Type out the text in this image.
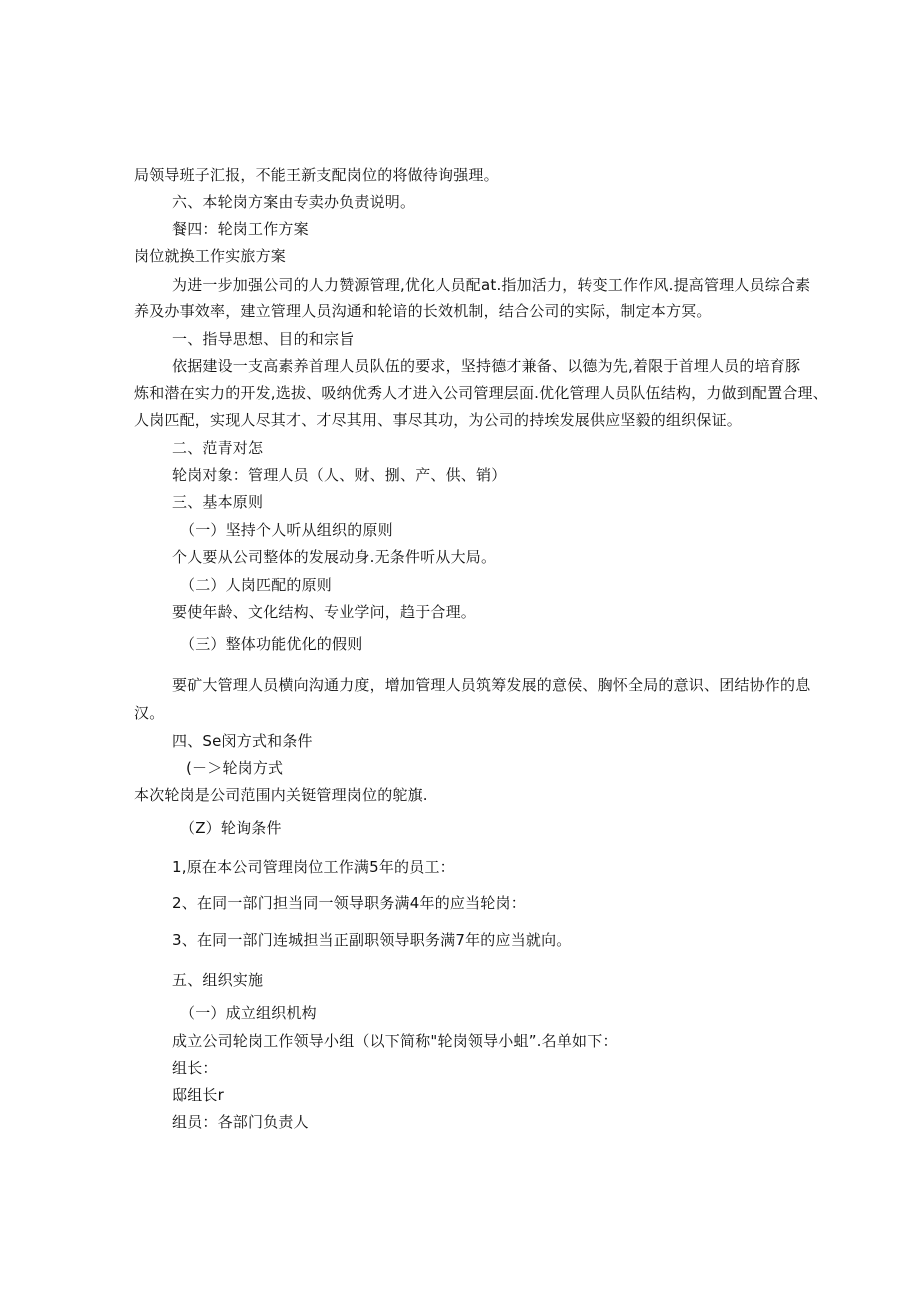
局领导班子汇报，不能王新支配岗位的将做待询强理。

六、本轮岗方案由专卖办负责说明。

餐四：轮岗工作方案

岗位就换工作实旅方案

为进一步加强公司的人力赞源管理,优化人员配at.指加活力，转变工作作风.提高管理人员综合素

养及办事效率，建立管理人员沟通和轮谙的长效机制，结合公司的实际，制定本方冥。

一、指导思想、目的和宗旨

依据建设一支高素养首理人员队伍的要求，坚持德才兼备、以德为先,着限于首埋人员的培育豚

炼和潜在实力的开发,选拔、吸纳优秀人才进入公司管理层面.优化管理人员队伍结构，力做到配置合理、

人岗匹配，实现人尽其才、才尽其用、事尽其功，为公司的持埃发展供应坚毅的组织保证。

二、范青对怎

轮岗对象：管理人员（人、财、捌、产、供、销）

三、基本原则

（一）坚持个人听从组织的原则

个人要从公司整体的发展动身.无条件听从大局。

（二）人岗匹配的原则

要使年龄、文化结构、专业学问，趋于合理。

（三）整体功能优化的假则

要矿大管理人员横向沟通力度，增加管理人员筑筹发展的意侯、胸怀全局的意识、团结协作的息

汉。

四、Se闵方式和条件

(－＞轮岗方式

本次轮岗是公司范围内关铤管理岗位的鸵旗.

（Z）轮询条件

1,原在本公司管理岗位工作满5年的员工：

2、在同一部门担当同一领导职务满4年的应当轮岗：

3、在同一部门连城担当正副职领导职务满7年的应当就向。

五、组织实施

（一）成立组织机构

成立公司轮岗工作领导小组（以下简称"轮岗领导小蛆”.名单如下：

组长：

邸组长r

组员：各部门负责人
